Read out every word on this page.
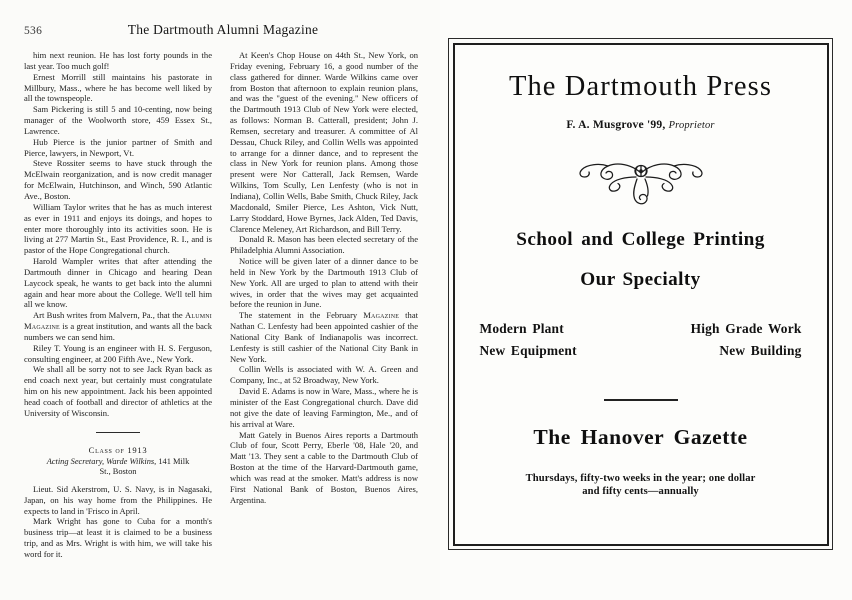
536	The Dartmouth Alumni Magazine

him next reunion. He has lost forty pounds in the last year. Too much golf!

Ernest Morrill still maintains his pastorate in Millbury, Mass., where he has become well liked by all the townspeople.

Sam Pickering is still 5 and 10-centing, now being manager of the Woolworth store, 459 Essex St., Lawrence.

Hub Pierce is the junior partner of Smith and Pierce, lawyers, in Newport, Vt.

Steve Rossiter seems to have stuck through the McElwain reorganization, and is now credit manager for McElwain, Hutchinson, and Winch, 590 Atlantic Ave., Boston.

William Taylor writes that he has as much interest as ever in 1911 and enjoys its doings, and hopes to enter more thoroughly into its activities soon. He is living at 277 Martin St., East Providence, R. I., and is pastor of the Hope Congregational church.

Harold Wampler writes that after attending the Dartmouth dinner in Chicago and hearing Dean Laycock speak, he wants to get back into the alumni again and hear more about the College. We'll tell him all we know.

Art Bush writes from Malvern, Pa., that the Alumni Magazine is a great institution, and wants all the back numbers we can send him.

Riley T. Young is an engineer with H. S. Ferguson, consulting engineer, at 200 Fifth Ave., New York.

We shall all be sorry not to see Jack Ryan back as end coach next year, but certainly must congratulate him on his new appointment. Jack his been appointed head coach of football and director of athletics at the University of Wisconsin.

Class of 1913
Acting Secretary, Warde Wilkins, 141 Milk
St., Boston

Lieut. Sid Akerstrom, U. S. Navy, is in Nagasaki, Japan, on his way home from the Philippines. He expects to land in 'Frisco in April.

Mark Wright has gone to Cuba for a month's business trip—at least it is claimed to be a business trip, and as Mrs. Wright is with him, we will take his word for it.

At Keen's Chop House on 44th St., New York, on Friday evening, February 16, a good number of the class gathered for dinner. Warde Wilkins came over from Boston that afternoon to explain reunion plans, and was the "guest of the evening." New officers of the Dartmouth 1913 Club of New York were elected, as follows: Norman B. Catterall, president; John J. Remsen, secretary and treasurer. A committee of Al Dessau, Chuck Riley, and Collin Wells was appointed to arrange for a dinner dance, and to represent the class in New York for reunion plans. Among those present were Nor Catterall, Jack Remsen, Warde Wilkins, Tom Scully, Len Lenfesty (who is not in Indiana), Collin Wells, Babe Smith, Chuck Riley, Jack Macdonald, Smiler Pierce, Les Ashton, Vick Nutt, Larry Stoddard, Howe Byrnes, Jack Alden, Ted Davis, Clarence Meleney, Art Richardson, and Bill Terry.

Donald R. Mason has been elected secretary of the Philadelphia Alumni Association.

Notice will be given later of a dinner dance to be held in New York by the Dartmouth 1913 Club of New York. All are urged to plan to attend with their wives, in order that the wives may get acquainted before the reunion in June.

The statement in the February Magazine that Nathan C. Lenfesty had been appointed cashier of the National City Bank of Indianapolis was incorrect. Lenfesty is still cashier of the National City Bank in New York.

Collin Wells is associated with W. A. Green and Company, Inc., at 52 Broadway, New York.

David E. Adams is now in Ware, Mass., where he is minister of the East Congregational church. Dave did not give the date of leaving Farmington, Me., and of his arrival at Ware.

Matt Gately in Buenos Aires reports a Dartmouth Club of four, Scott Perry, Eberle '08, Hale '20, and Matt '13. They sent a cable to the Dartmouth Club of Boston at the time of the Harvard-Dartmouth game, which was read at the smoker. Matt's address is now First National Bank of Boston, Buenos Aires, Argentina.

The Dartmouth Press
F. A. Musgrove '99, Proprietor
School and College Printing
Our Specialty
Modern Plant	High Grade Work
New Equipment	New Building
The Hanover Gazette
Thursdays, fifty-two weeks in the year; one dollar
and fifty cents—annually
